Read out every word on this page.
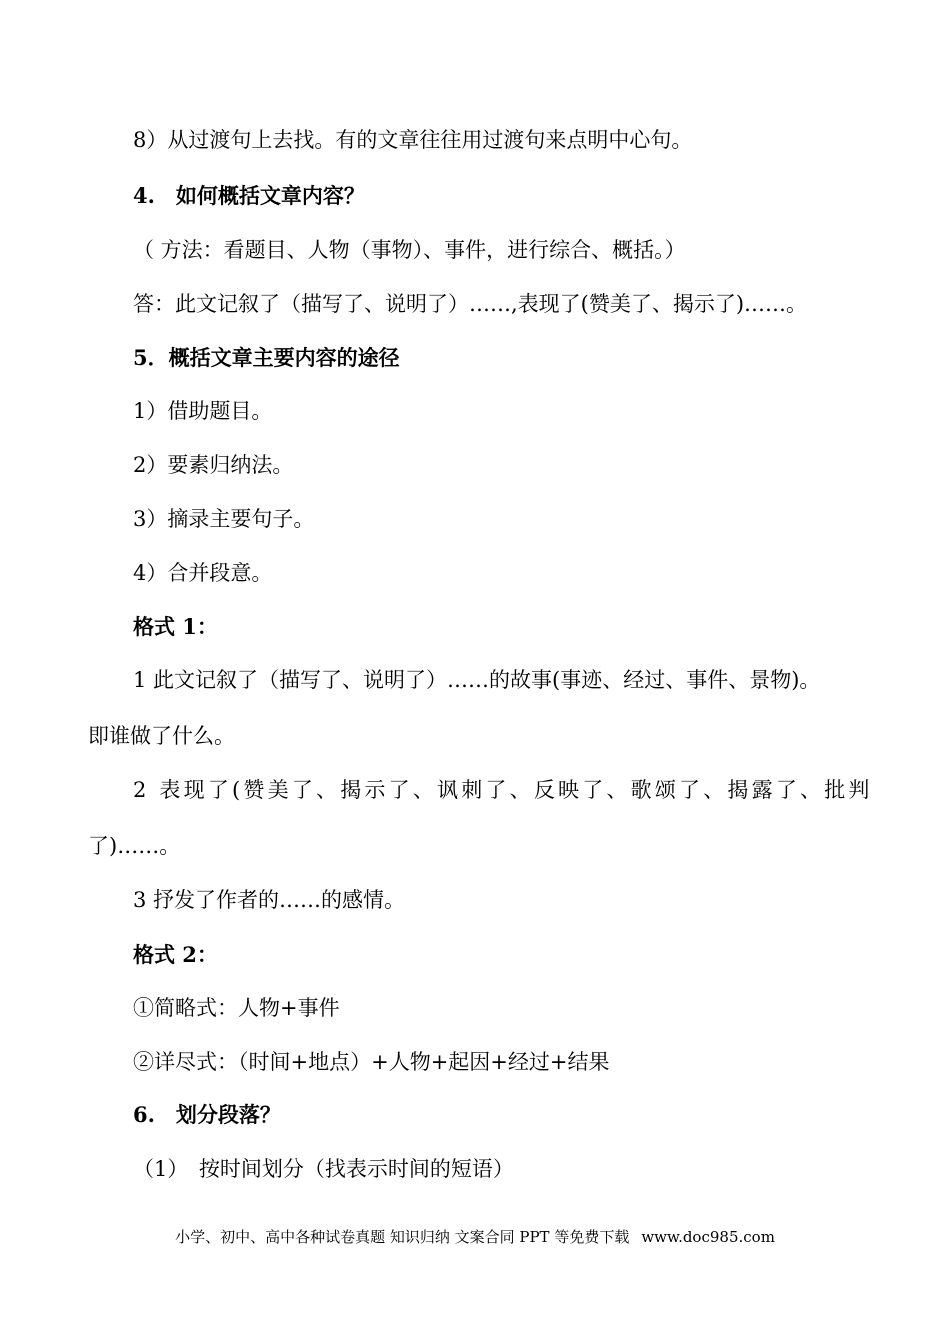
8）从过渡句上去找。有的文章往往用过渡句来点明中心句。
4.　如何概括文章内容？
（ 方法：看题目、人物（事物）、事件，进行综合、概括。）
答：此文记叙了（描写了、说明了）……,表现了(赞美了、揭示了)……。
5．概括文章主要内容的途径
1）借助题目。
2）要素归纳法。
3）摘录主要句子。
4）合并段意。
格式 1：
1 此文记叙了（描写了、说明了）……的故事(事迹、经过、事件、景物)。
即谁做了什么。
2 表现了(赞美了、揭示了、讽刺了、反映了、歌颂了、揭露了、批判
了)……。
3 抒发了作者的……的感情。
格式 2：
①简略式：人物+事件
②详尽式：（时间+地点）+人物+起因+经过+结果
6.　划分段落？
（1）　按时间划分（找表示时间的短语）
小学、初中、高中各种试卷真题 知识归纳 文案合同 PPT 等免费下载 www.doc985.com
